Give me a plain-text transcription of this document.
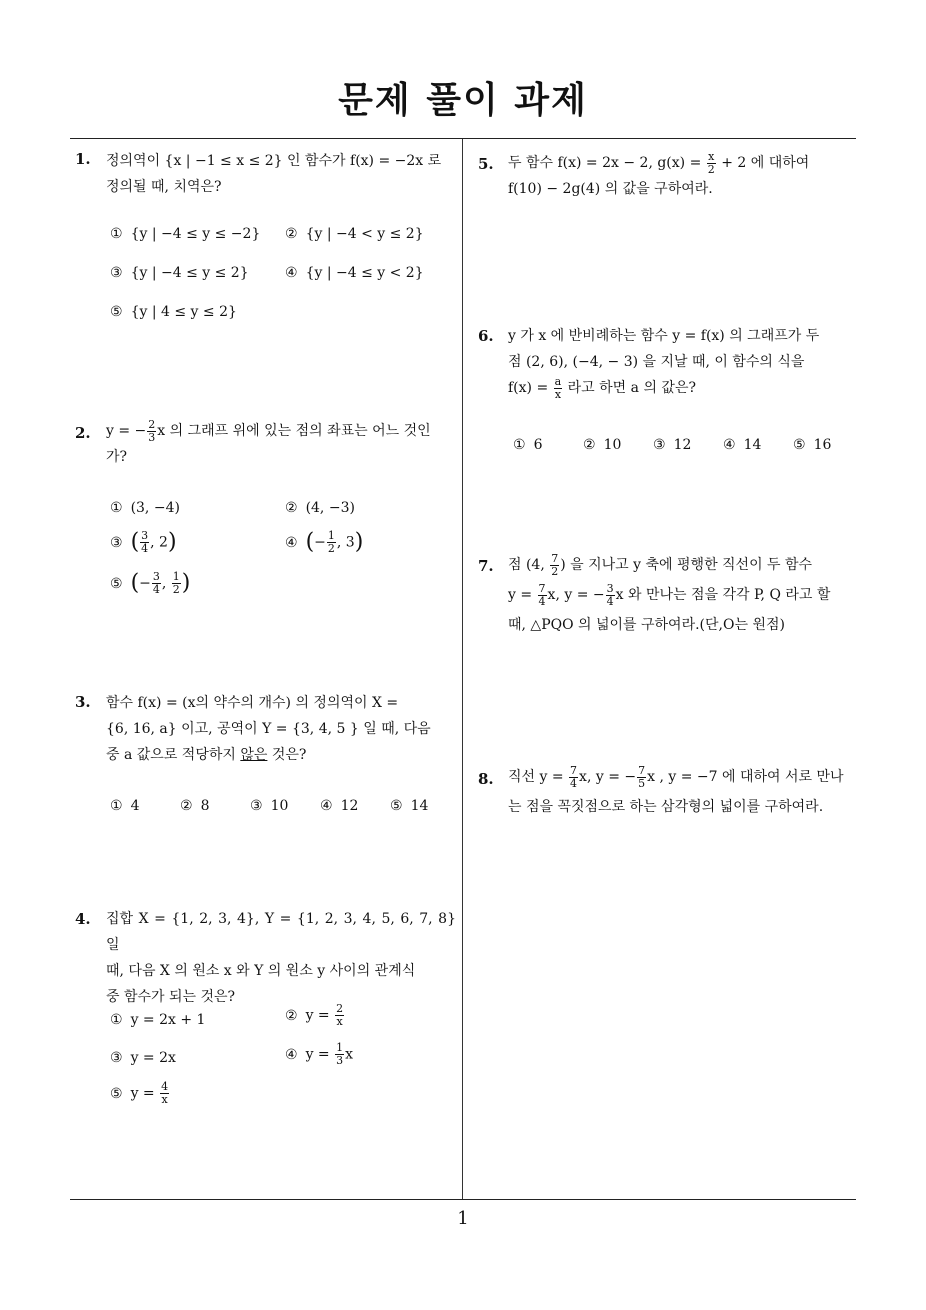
문제 풀이 과제
1. 정의역이 {x | −1 ≤ x ≤ 2} 인 함수가 f(x) = −2x 로
정의될 때, 치역은?
① {y | −4 ≤ y ≤ −2} ② {y | −4 < y ≤ 2}
③ {y | −4 ≤ y ≤ 2}	④ {y | −4 ≤ y < 2}
⑤ {y | 4 ≤ y ≤ 2}
2. y = − $\frac{2}{3}$ x 의 그래프 위에 있는 점의 좌표는 어느 것인
가?
① (3, −4)	② (4, −3)
③ ( $\frac{3}{4}$ , 2)	④ (− $\frac{1}{2}$ , 3)
⑤ (− $\frac{3}{4}$ , $\frac{1}{2}$ )
3. 함수 f(x) = (x의 약수의 개수) 의 정의역이 X =
{6, 16, a} 이고, 공역이 Y = {3, 4, 5 } 일 때, 다음
중 a 값으로 적당하지 않은 것은?
① 4	② 8	③ 10 ④ 12 ⑤ 14
4. 집합 X = {1, 2, 3, 4}, Y = {1, 2, 3, 4, 5, 6, 7, 8} 일
때, 다음 X 의 원소 x 와 Y 의 원소 y 사이의 관계식
중 함수가 되는 것은?
① y = 2x + 1	② $y = \frac{2}{x}$
③ y = 2x	④ $y = \frac{1}{3}$ x
⑤ $y = \frac{4}{x}$
5. 두 함수 f(x) = 2x − 2, $g(x) = \frac{x}{2} + 2$ 에 대하여
f(10) − 2g(4) 의 값을 구하여라.
6. y 가 x 에 반비례하는 함수 y = f(x) 의 그래프가 두
점 (2, 6), (−4, − 3) 을 지날 때, 이 함수의 식을
$f(x) = \frac{a}{x}$ 라고 하면 a 의 값은?
① 6	② 10 ③ 12 ④ 14 ⑤ 16
7. 점 (4, $\frac{7}{2}$ ) 을 지나고 y 축에 평행한 직선이 두 함수
$y = \frac{7}{4} x$, y = − $\frac{3}{4}$ x 와 만나는 점을 각각 P, Q 라고 할
때, △PQO 의 넓이를 구하여라.(단,O는 원점)
8. 직선 $y = \frac{7}{4} x$, y = − $\frac{7}{5}$ x , y = −7 에 대하여 서로 만나
는 점을 꼭짓점으로 하는 삼각형의 넓이를 구하여라.
1
